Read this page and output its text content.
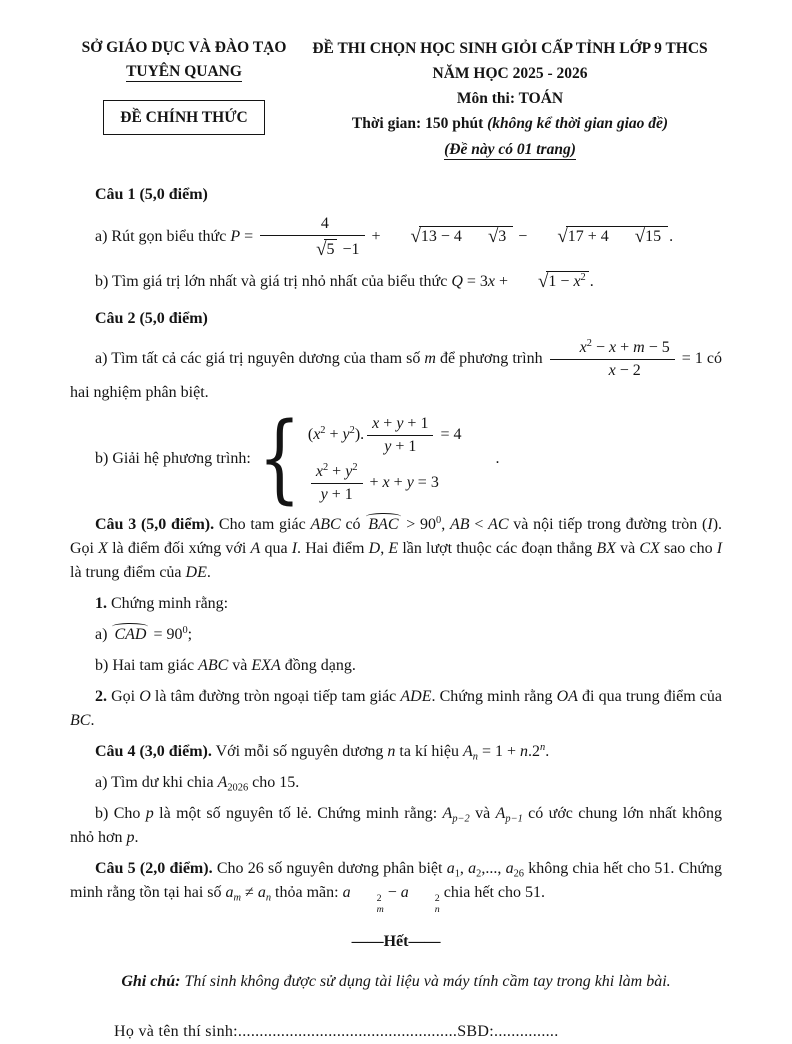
SỞ GIÁO DỤC VÀ ĐÀO TẠO
TUYÊN QUANG
ĐỀ CHÍNH THỨC
ĐỀ THI CHỌN HỌC SINH GIỎI CẤP TỈNH LỚP 9 THCS
NĂM HỌC 2025 - 2026
Môn thi: TOÁN
Thời gian: 150 phút (không kể thời gian giao đề)
(Đề này có 01 trang)

Câu 1 (5,0 điểm)

a) Rút gọn biểu thức $P = \frac{4}{√5 -1} + √13 - 4$ √3 − √17 + 4 √15 .

b) Tìm giá trị lớn nhất và giá trị nhỏ nhất của biểu thức $Q = 3x + √1 - x^2$ .

Câu 2 (5,0 điểm)

a) Tìm tất cả các giá trị nguyên dương của tham số m để phương trình $\frac{x^2 - x + m - 5}{x - 2} = 1$ có hai nghiệm phân biệt.

b) Giải hệ phương trình: { $(x^2 + y^2)$. $\frac{x + y + 1}{y + 1} = 4$
$\frac{x^2 + y^2}{y + 1} + x + y = 3$
.

Câu 3 (5,0 điểm). Cho tam giác ABC có BAC > $90^0$, AB < AC và nội tiếp trong đường tròn (I). Gọi X là điểm đối xứng với A qua I. Hai điểm D, E lần lượt thuộc các đoạn thẳng BX và CX sao cho I là trung điểm của DE.

1. Chứng minh rằng:

a) CAD = $90^0$;

b) Hai tam giác ABC và EXA đồng dạng.

2. Gọi O là tâm đường tròn ngoại tiếp tam giác ADE. Chứng minh rằng OA đi qua trung điểm của BC.

Câu 4 (3,0 điểm). Với mỗi số nguyên dương n ta kí hiệu $A_n = 1 + n.2^n$.

a) Tìm dư khi chia $A_{2026}$ cho 15.

b) Cho p là một số nguyên tố lẻ. Chứng minh rằng: $A_{p-2}$ và $A_{p-1}$ có ước chung lớn nhất không nhỏ hơn p.

Câu 5 (2,0 điểm). Cho 26 số nguyên dương phân biệt $a_1$, $a_2$,..., $a_{26}$ không chia hết cho 51. Chứng minh rằng tồn tại hai số $a_m \ne a_n$ thỏa mãn: a	2
m
− a	2
n
chia hết cho 51.

——Hết——

Ghi chú: Thí sinh không được sử dụng tài liệu và máy tính cầm tay trong khi làm bài.

Họ và tên thí sinh:...................................................SBD:...............
